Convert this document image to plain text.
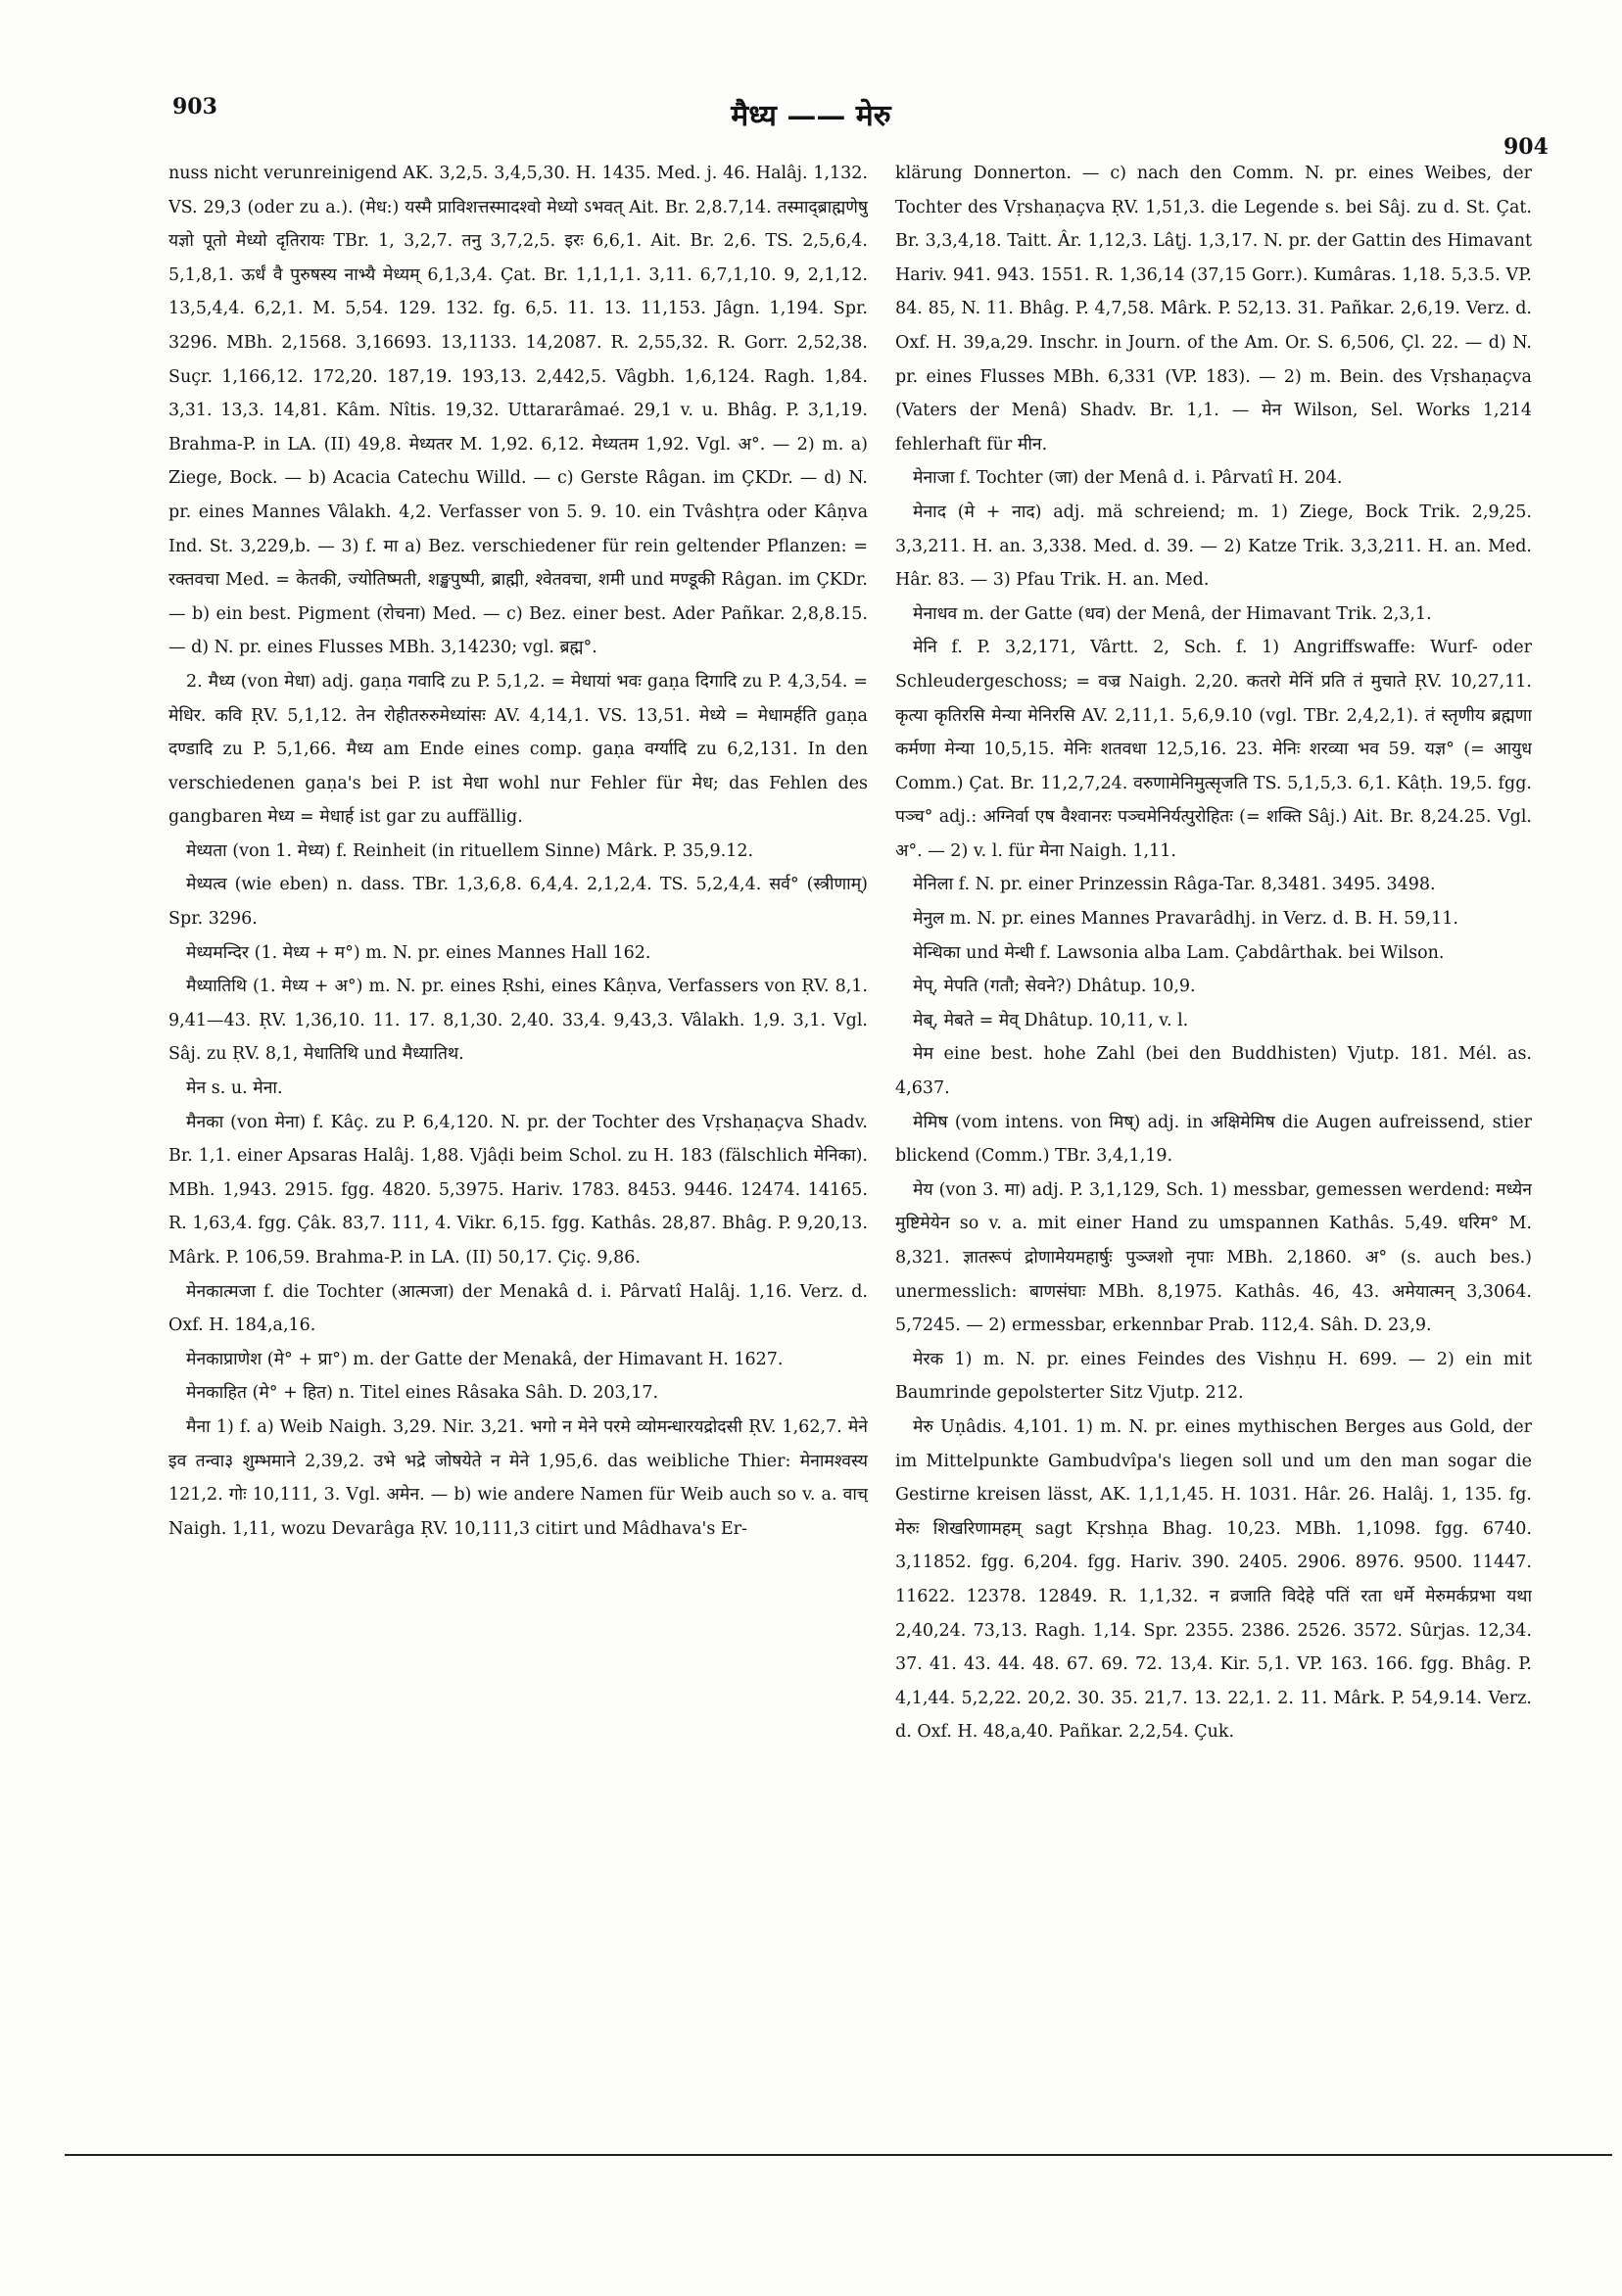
903	मैध्य —— मेरु
904

nuss nicht verunreinigend AK. 3,2,5. 3,4,5,30. H. 1435. Med. j. 46. Halâj. 1,132. VS. 29,3 (oder zu a.). (मेध:) यस्मै प्राविशत्तस्मादश्वो मेध्यो ऽभवत् Ait. Br. 2,8.7,14. तस्माद्ब्राह्मणेषु यज्ञो पूतो मेध्यो दृतिरायः TBr. 1, 3,2,7. तनु 3,7,2,5. इरः 6,6,1. Ait. Br. 2,6. TS. 2,5,6,4. 5,1,8,1. ऊर्धं वै पुरुषस्य नाभ्यै मेध्यम् 6,1,3,4. Çat. Br. 1,1,1,1. 3,11. 6,7,1,10. 9, 2,1,12. 13,5,4,4. 6,2,1. M. 5,54. 129. 132. fg. 6,5. 11. 13. 11,153. Jâgn. 1,194. Spr. 3296. MBh. 2,1568. 3,16693. 13,1133. 14,2087. R. 2,55,32. R. Gorr. 2,52,38. Suçr. 1,166,12. 172,20. 187,19. 193,13. 2,442,5. Vâgbh. 1,6,124. Ragh. 1,84. 3,31. 13,3. 14,81. Kâm. Nîtis. 19,32. Uttararâmaé. 29,1 v. u. Bhâg. P. 3,1,19. Brahma-P. in LA. (II) 49,8. मेध्यतर M. 1,92. 6,12. मेध्यतम 1,92. Vgl. अ°. — 2) m. a) Ziege, Bock. — b) Acacia Catechu Willd. — c) Gerste Râgan. im ÇKDr. — d) N. pr. eines Mannes Vâlakh. 4,2. Verfasser von 5. 9. 10. ein Tvâshṭra oder Kâṇva Ind. St. 3,229,b. — 3) f. मा a) Bez. verschiedener für rein geltender Pflanzen: = रक्तवचा Med. = केतकी, ज्योतिष्मती, शङ्खपुष्पी, ब्राह्मी, श्वेतवचा, शमी und मण्डूकी Râgan. im ÇKDr. — b) ein best. Pigment (रोचना) Med. — c) Bez. einer best. Ader Pañkar. 2,8,8.15. — d) N. pr. eines Flusses MBh. 3,14230; vgl. ब्रह्म°.

2. मैध्य (von मेधा) adj. gaṇa गवादि zu P. 5,1,2. = मेधायां भवः gaṇa दिगादि zu P. 4,3,54. = मेधिर. कवि ṚV. 5,1,12. तेन रोहीतरुरुमेध्यांसः AV. 4,14,1. VS. 13,51. मेध्ये = मेधामर्हति gaṇa दण्डादि zu P. 5,1,66. मैध्य am Ende eines comp. gaṇa वर्ग्यादि zu 6,2,131. In den verschiedenen gaṇa's bei P. ist मेधा wohl nur Fehler für मेध; das Fehlen des gangbaren मेध्य = मेधार्ह ist gar zu auffällig.

मेध्यता (von 1. मेध्य) f. Reinheit (in rituellem Sinne) Mârk. P. 35,9.12.

मेध्यत्व (wie eben) n. dass. TBr. 1,3,6,8. 6,4,4. 2,1,2,4. TS. 5,2,4,4. सर्व° (स्त्रीणाम्) Spr. 3296.

मेध्यमन्दिर (1. मेध्य + म°) m. N. pr. eines Mannes Hall 162.

मैध्यातिथि (1. मेध्य + अ°) m. N. pr. eines Ṛshi, eines Kâṇva, Verfassers von ṚV. 8,1. 9,41—43. ṚV. 1,36,10. 11. 17. 8,1,30. 2,40. 33,4. 9,43,3. Vâlakh. 1,9. 3,1. Vgl. Sâj. zu ṚV. 8,1, मेधातिथि und मैध्यातिथ.

मेन s. u. मेना.

मैनका (von मेना) f. Kâç. zu P. 6,4,120. N. pr. der Tochter des Vṛshaṇaçva Shadv. Br. 1,1. einer Apsaras Halâj. 1,88. Vjâḍi beim Schol. zu H. 183 (fälschlich मेनिका). MBh. 1,943. 2915. fgg. 4820. 5,3975. Hariv. 1783. 8453. 9446. 12474. 14165. R. 1,63,4. fgg. Çâk. 83,7. 111, 4. Vikr. 6,15. fgg. Kathâs. 28,87. Bhâg. P. 9,20,13. Mârk. P. 106,59. Brahma-P. in LA. (II) 50,17. Çiç. 9,86.

मेनकात्मजा f. die Tochter (आत्मजा) der Menakâ d. i. Pârvatî Halâj. 1,16. Verz. d. Oxf. H. 184,a,16.

मेनकाप्राणेश (मे° + प्रा°) m. der Gatte der Menakâ, der Himavant H. 1627.

मेनकाहित (मे° + हित) n. Titel eines Râsaka Sâh. D. 203,17.

मैना 1) f. a) Weib Naigh. 3,29. Nir. 3,21. भगो न मेने परमे व्योमन्धारयद्रोदसी ṚV. 1,62,7. मेने इव तन्वा३ शुम्भमाने 2,39,2. उभे भद्रे जोषयेते न मेने 1,95,6. das weibliche Thier: मेनामश्वस्य 121,2. गोः 10,111, 3. Vgl. अमेन. — b) wie andere Namen für Weib auch so v. a. वाच् Naigh. 1,11, wozu Devarâga ṚV. 10,111,3 citirt und Mâdhava's Er-

klärung Donnerton. — c) nach den Comm. N. pr. eines Weibes, der Tochter des Vṛshaṇaçva ṚV. 1,51,3. die Legende s. bei Sâj. zu d. St. Çat. Br. 3,3,4,18. Taitt. Âr. 1,12,3. Lâṭj. 1,3,17. N. pr. der Gattin des Himavant Hariv. 941. 943. 1551. R. 1,36,14 (37,15 Gorr.). Kumâras. 1,18. 5,3.5. VP. 84. 85, N. 11. Bhâg. P. 4,7,58. Mârk. P. 52,13. 31. Pañkar. 2,6,19. Verz. d. Oxf. H. 39,a,29. Inschr. in Journ. of the Am. Or. S. 6,506, Çl. 22. — d) N. pr. eines Flusses MBh. 6,331 (VP. 183). — 2) m. Bein. des Vṛshaṇaçva (Vaters der Menâ) Shadv. Br. 1,1. — मेन Wilson, Sel. Works 1,214 fehlerhaft für मीन.

मेनाजा f. Tochter (जा) der Menâ d. i. Pârvatî H. 204.

मेनाद (मे + नाद) adj. mä schreiend; m. 1) Ziege, Bock Trik. 2,9,25. 3,3,211. H. an. 3,338. Med. d. 39. — 2) Katze Trik. 3,3,211. H. an. Med. Hâr. 83. — 3) Pfau Trik. H. an. Med.

मेनाधव m. der Gatte (धव) der Menâ, der Himavant Trik. 2,3,1.

मेनि f. P. 3,2,171, Vârtt. 2, Sch. f. 1) Angriffswaffe: Wurf- oder Schleudergeschoss; = वज्र Naigh. 2,20. कतरो मेनिं प्रति तं मुचाते ṚV. 10,27,11. कृत्या कृतिरसि मेन्या मेनिरसि AV. 2,11,1. 5,6,9.10 (vgl. TBr. 2,4,2,1). तं स्तृणीय ब्रह्मणा कर्मणा मेन्या 10,5,15. मेनिः शतवधा 12,5,16. 23. मेनिः शरव्या भव 59. यज्ञ° (= आयुध Comm.) Çat. Br. 11,2,7,24. वरुणामेनिमुत्सृजति TS. 5,1,5,3. 6,1. Kâṭh. 19,5. fgg. पञ्च° adj.: अग्निर्वा एष वैश्वानरः पञ्चमेनिर्यत्पुरोहितः (= शक्ति Sâj.) Ait. Br. 8,24.25. Vgl. अ°. — 2) v. l. für मेना Naigh. 1,11.

मेनिला f. N. pr. einer Prinzessin Râga-Tar. 8,3481. 3495. 3498.

मेनुल m. N. pr. eines Mannes Pravarâdhj. in Verz. d. B. H. 59,11.

मेन्धिका und मेन्धी f. Lawsonia alba Lam. Çabdârthak. bei Wilson.

मेप्, मेपति (गतौ; सेवने?) Dhâtup. 10,9.

मेब्, मेबते = मेव् Dhâtup. 10,11, v. l.

मेम eine best. hohe Zahl (bei den Buddhisten) Vjutp. 181. Mél. as. 4,637.

मेमिष (vom intens. von मिष्) adj. in अक्षिमेमिष die Augen aufreissend, stier blickend (Comm.) TBr. 3,4,1,19.

मेय (von 3. मा) adj. P. 3,1,129, Sch. 1) messbar, gemessen werdend: मध्येन मुष्टिमेयेन so v. a. mit einer Hand zu umspannen Kathâs. 5,49. धरिम° M. 8,321. ज्ञातरूपं द्रोणामेयमहार्षुः पुञ्जशो नृपाः MBh. 2,1860. अ° (s. auch bes.) unermesslich: बाणसंघाः MBh. 8,1975. Kathâs. 46, 43. अमेयात्मन् 3,3064. 5,7245. — 2) ermessbar, erkennbar Prab. 112,4. Sâh. D. 23,9.

मेरक 1) m. N. pr. eines Feindes des Vishṇu H. 699. — 2) ein mit Baumrinde gepolsterter Sitz Vjutp. 212.

मेरु Uṇâdis. 4,101. 1) m. N. pr. eines mythischen Berges aus Gold, der im Mittelpunkte Gambudvîpa's liegen soll und um den man sogar die Gestirne kreisen lässt, AK. 1,1,1,45. H. 1031. Hâr. 26. Halâj. 1, 135. fg. मेरुः शिखरिणामहम् sagt Kṛshṇa Bhag. 10,23. MBh. 1,1098. fgg. 6740. 3,11852. fgg. 6,204. fgg. Hariv. 390. 2405. 2906. 8976. 9500. 11447. 11622. 12378. 12849. R. 1,1,32. न व्रजाति विदेहे पतिं रता धर्मे मेरुमर्कप्रभा यथा 2,40,24. 73,13. Ragh. 1,14. Spr. 2355. 2386. 2526. 3572. Sûrjas. 12,34. 37. 41. 43. 44. 48. 67. 69. 72. 13,4. Kir. 5,1. VP. 163. 166. fgg. Bhâg. P. 4,1,44. 5,2,22. 20,2. 30. 35. 21,7. 13. 22,1. 2. 11. Mârk. P. 54,9.14. Verz. d. Oxf. H. 48,a,40. Pañkar. 2,2,54. Çuk.
